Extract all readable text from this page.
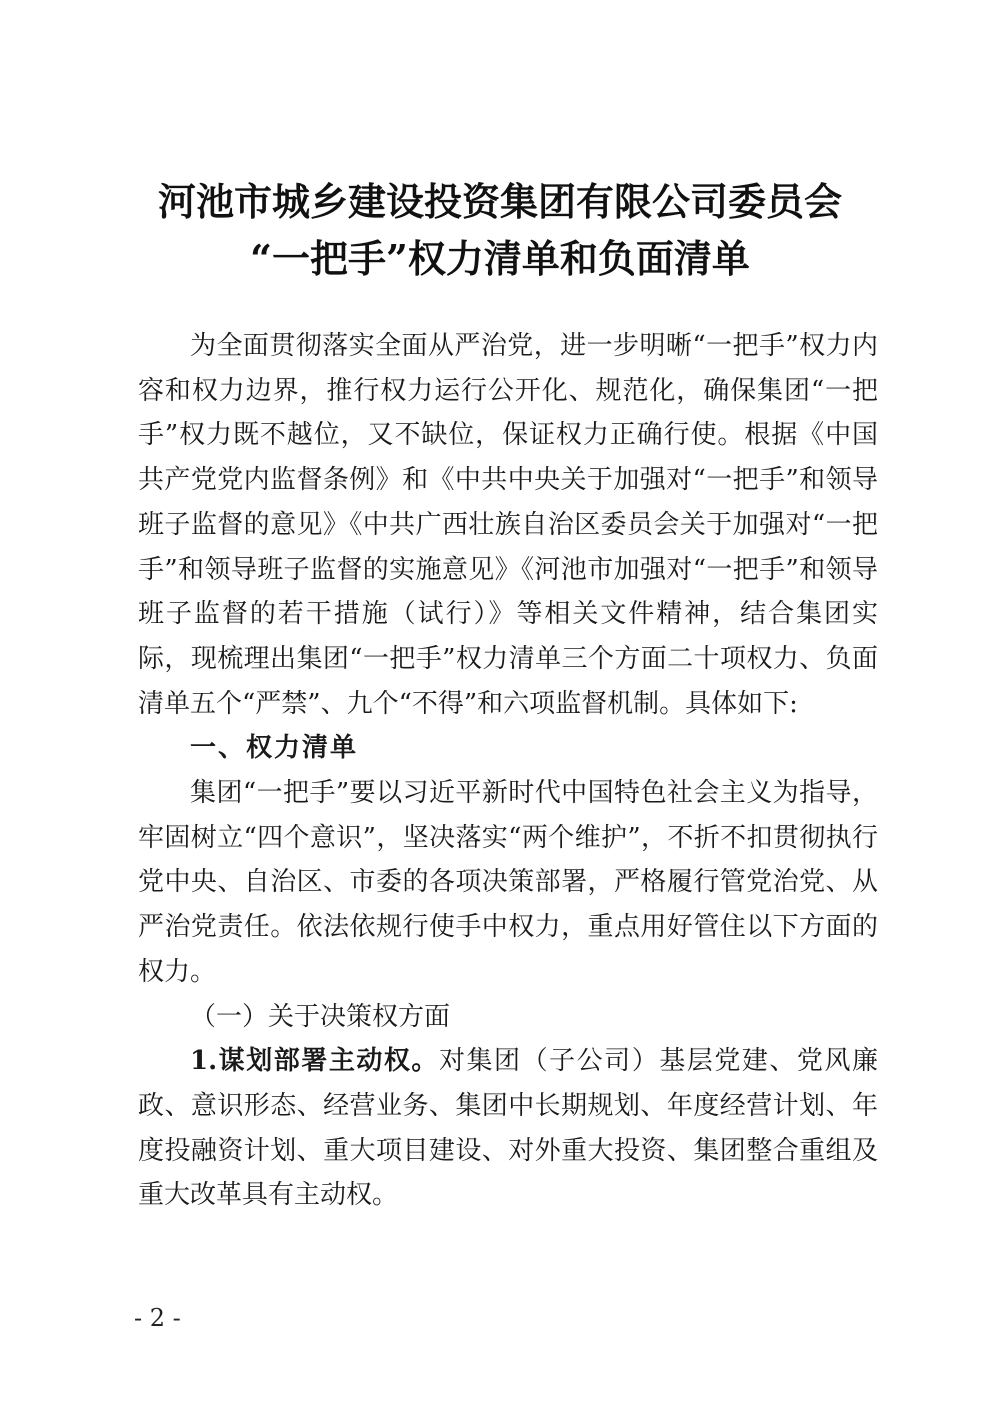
河池市城乡建设投资集团有限公司委员会
“一把手”权力清单和负面清单

为全面贯彻落实全面从严治党，进一步明晰“一把手”权力内容和权力边界，推行权力运行公开化、规范化，确保集团“一把手”权力既不越位，又不缺位，保证权力正确行使。根据《中国共产党党内监督条例》和《中共中央关于加强对“一把手”和领导班子监督的意见》《中共广西壮族自治区委员会关于加强对“一把手”和领导班子监督的实施意见》《河池市加强对“一把手”和领导班子监督的若干措施（试行）》等相关文件精神，结合集团实际，现梳理出集团“一把手”权力清单三个方面二十项权力、负面清单五个“严禁”、九个“不得”和六项监督机制。具体如下:

一、权力清单

集团“一把手”要以习近平新时代中国特色社会主义为指导，牢固树立“四个意识”，坚决落实“两个维护”，不折不扣贯彻执行党中央、自治区、市委的各项决策部署，严格履行管党治党、从严治党责任。依法依规行使手中权力，重点用好管住以下方面的权力。

（一）关于决策权方面

1.谋划部署主动权。对集团（子公司）基层党建、党风廉政、意识形态、经营业务、集团中长期规划、年度经营计划、年度投融资计划、重大项目建设、对外重大投资、集团整合重组及重大改革具有主动权。

- 2 -
